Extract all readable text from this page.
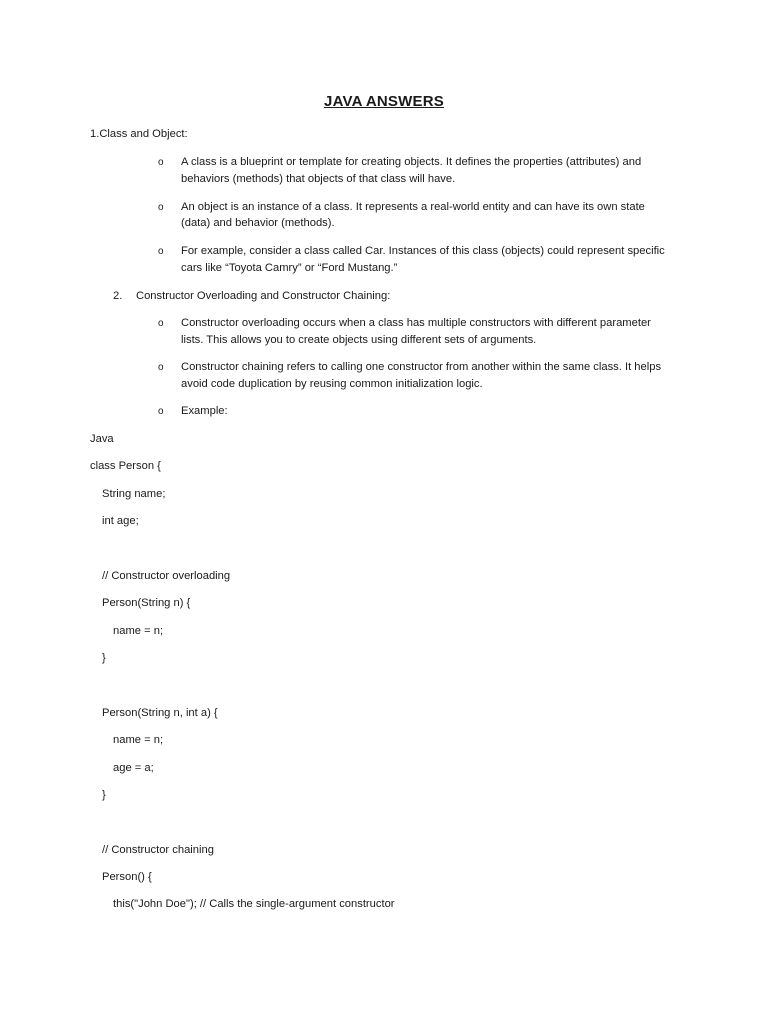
JAVA ANSWERS
1.Class and Object:
o A class is a blueprint or template for creating objects. It defines the properties (attributes) and
behaviors (methods) that objects of that class will have.
o An object is an instance of a class. It represents a real-world entity and can have its own state
(data) and behavior (methods).
o For example, consider a class called Car. Instances of this class (objects) could represent specific
cars like “Toyota Camry” or “Ford Mustang.”
2. Constructor Overloading and Constructor Chaining:
o Constructor overloading occurs when a class has multiple constructors with different parameter
lists. This allows you to create objects using different sets of arguments.
o Constructor chaining refers to calling one constructor from another within the same class. It helps
avoid code duplication by reusing common initialization logic.
o Example:
Java
class Person {
String name;
int age;
// Constructor overloading
Person(String n) {
name = n;
}
Person(String n, int a) {
name = n;
age = a;
}
// Constructor chaining
Person() {
this("John Doe"); // Calls the single-argument constructor
